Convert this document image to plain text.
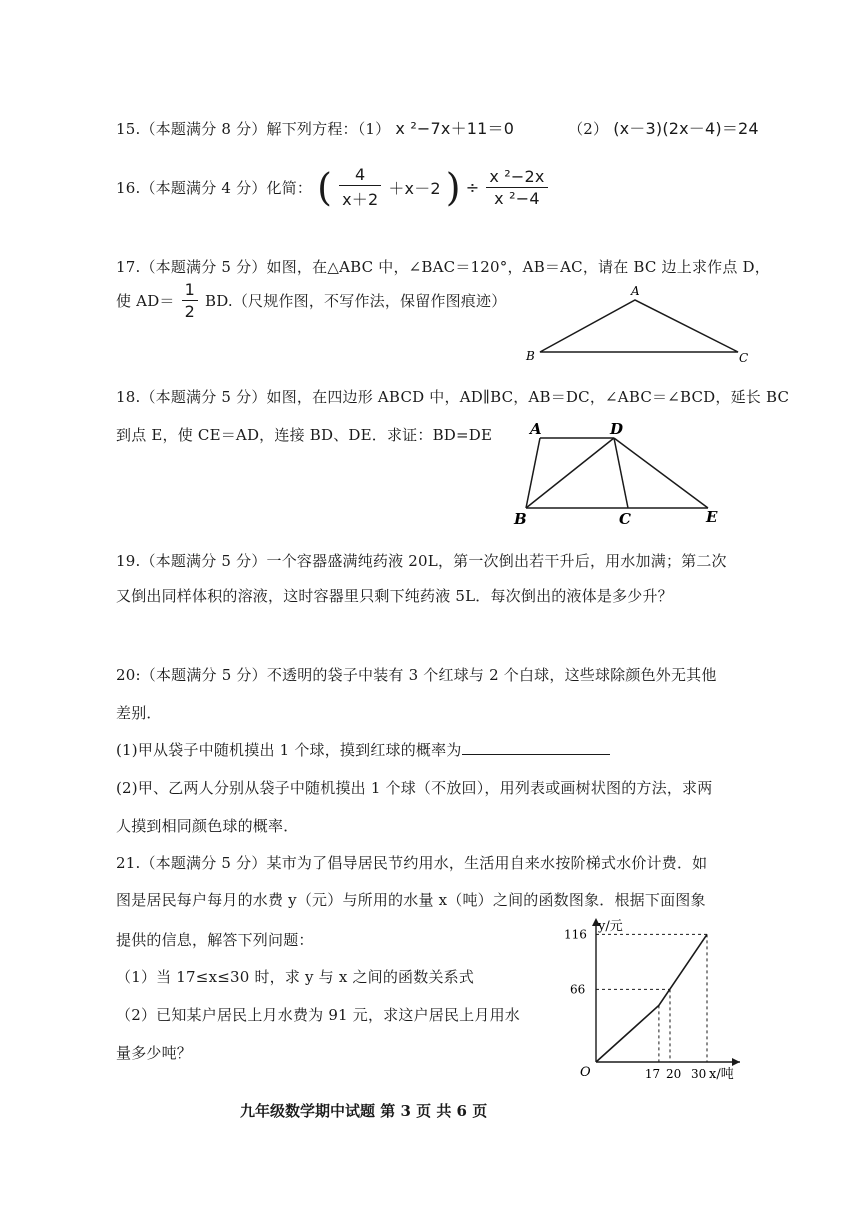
15.（本题满分 8 分）解下列方程：（1） x ²−7x＋11＝0	（2） (x－3)(2x－4)＝24
16.（本题满分 4 分）化简： ( $\frac{4}{x+2} +x-2$ ) ÷ $\frac{\text{x ²−2x}}{\text{x ²−4}}$
17.（本题满分 5 分）如图，在△ABC 中，∠BAC＝120°，AB＝AC，请在 BC 边上求作点 D，
使 $AD= \frac{1}{2} BD$.（尺规作图，不写作法，保留作图痕迹）
A
B	C
18.（本题满分 5 分）如图，在四边形 ABCD 中，AD∥BC，AB＝DC，∠ABC＝∠BCD，延长 BC
到点 E，使 CE＝AD，连接 BD、DE．求证：BD=DE	A	D
B	C	E
19.（本题满分 5 分）一个容器盛满纯药液 20L，第一次倒出若干升后，用水加满；第二次
又倒出同样体积的溶液，这时容器里只剩下纯药液 5L．每次倒出的液体是多少升？
20:（本题满分 5 分）不透明的袋子中装有 3 个红球与 2 个白球，这些球除颜色外无其他
差别．
(1)甲从袋子中随机摸出 1 个球，摸到红球的概率为
(2)甲、乙两人分别从袋子中随机摸出 1 个球（不放回），用列表或画树状图的方法，求两
人摸到相同颜色球的概率．
21.（本题满分 5 分）某市为了倡导居民节约用水，生活用自来水按阶梯式水价计费．如
图是居民每户每月的水费 y（元）与所用的水量 x（吨）之间的函数图象．根据下面图象
提供的信息，解答下列问题：
（1）当 17≤x≤30 时，求 y 与 x 之间的函数关系式
（2）已知某户居民上月水费为 91 元，求这户居民上月用水
量多少吨？
y/元
x/吨
O
116
66
17 20 30
九年级数学期中试题 第 3 页 共 6 页
